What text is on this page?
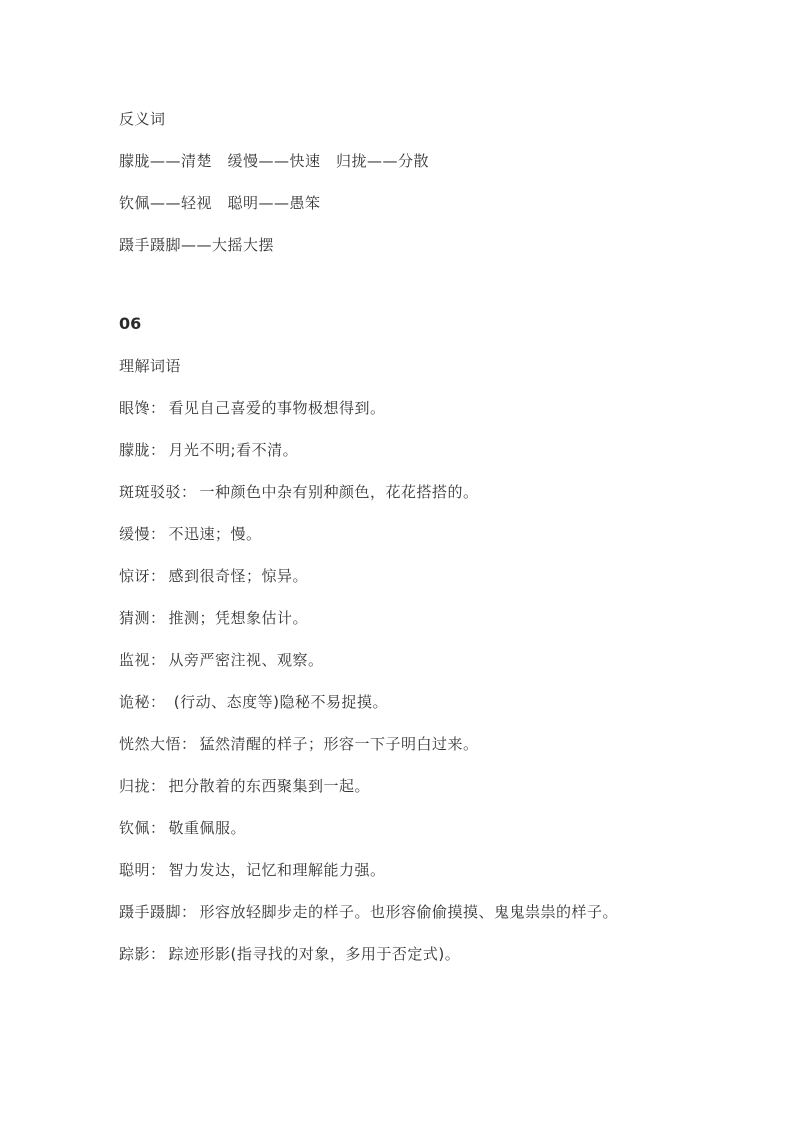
反义词

朦胧——清楚　缓慢——快速　归拢——分散

钦佩——轻视　聪明——愚笨

蹑手蹑脚——大摇大摆

06

理解词语

眼馋： 看见自己喜爱的事物极想得到。

朦胧： 月光不明;看不清。

斑斑驳驳： 一种颜色中杂有别种颜色，花花搭搭的。

缓慢： 不迅速；慢。

惊讶： 感到很奇怪；惊异。

猜测： 推测；凭想象估计。

监视： 从旁严密注视、观察。

诡秘： (行动、态度等)隐秘不易捉摸。

恍然大悟： 猛然清醒的样子；形容一下子明白过来。

归拢： 把分散着的东西聚集到一起。

钦佩： 敬重佩服。

聪明： 智力发达，记忆和理解能力强。

蹑手蹑脚： 形容放轻脚步走的样子。也形容偷偷摸摸、鬼鬼祟祟的样子。

踪影： 踪迹形影(指寻找的对象，多用于否定式)。
